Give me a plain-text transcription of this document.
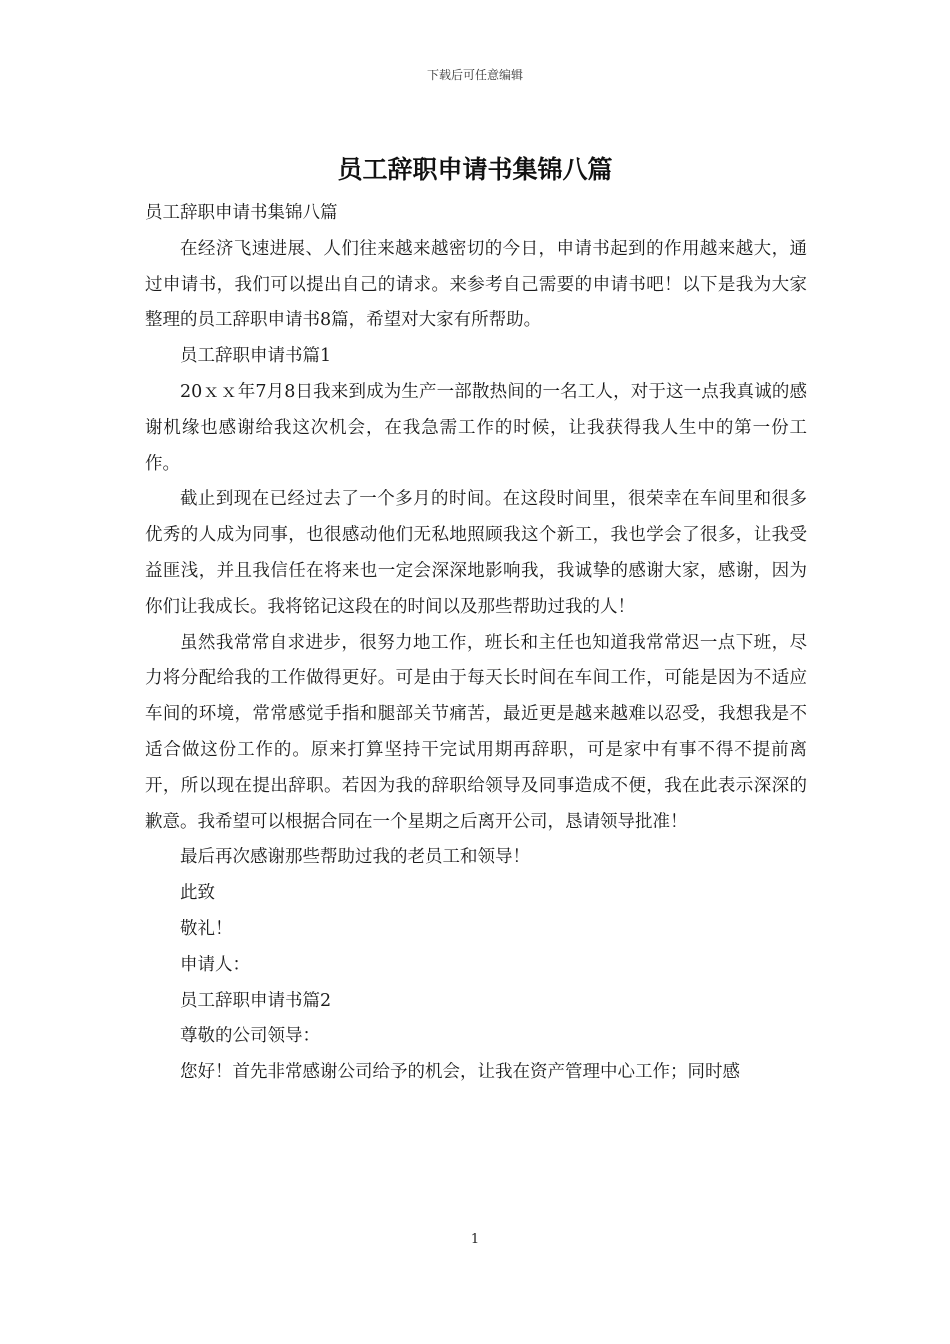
下载后可任意编辑
员工辞职申请书集锦八篇

员工辞职申请书集锦八篇

在经济飞速进展、人们往来越来越密切的今日，申请书起到的作用越来越大，通过申请书，我们可以提出自己的请求。来参考自己需要的申请书吧！以下是我为大家整理的员工辞职申请书8篇，希望对大家有所帮助。

员工辞职申请书篇1

20ｘｘ年7月8日我来到成为生产一部散热间的一名工人，对于这一点我真诚的感谢机缘也感谢给我这次机会，在我急需工作的时候，让我获得我人生中的第一份工作。

截止到现在已经过去了一个多月的时间。在这段时间里，很荣幸在车间里和很多优秀的人成为同事，也很感动他们无私地照顾我这个新工，我也学会了很多，让我受益匪浅，并且我信任在将来也一定会深深地影响我，我诚挚的感谢大家，感谢，因为你们让我成长。我将铭记这段在的时间以及那些帮助过我的人！

虽然我常常自求进步，很努力地工作，班长和主任也知道我常常迟一点下班，尽力将分配给我的工作做得更好。可是由于每天长时间在车间工作，可能是因为不适应车间的环境，常常感觉手指和腿部关节痛苦，最近更是越来越难以忍受，我想我是不适合做这份工作的。原来打算坚持干完试用期再辞职，可是家中有事不得不提前离开，所以现在提出辞职。若因为我的辞职给领导及同事造成不便，我在此表示深深的歉意。我希望可以根据合同在一个星期之后离开公司，恳请领导批准！

最后再次感谢那些帮助过我的老员工和领导！

此致

敬礼！

申请人：

员工辞职申请书篇2

尊敬的公司领导：

您好！首先非常感谢公司给予的机会，让我在资产管理中心工作；同时感

1
